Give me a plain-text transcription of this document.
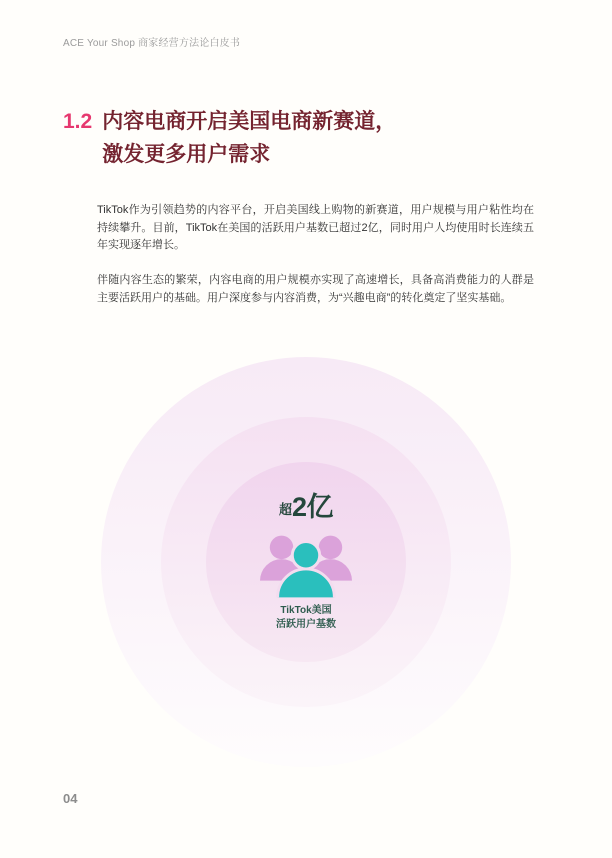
ACE Your Shop 商家经营方法论白皮书
1.2 内容电商开启美国电商新赛道，
激发更多用户需求
TikTok作为引领趋势的内容平台，开启美国线上购物的新赛道，用户规模与用户粘性均在持续攀升。目前，TikTok在美国的活跃用户基数已超过2亿，同时用户人均使用时长连续五年实现逐年增长。
伴随内容生态的繁荣，内容电商的用户规模亦实现了高速增长，具备高消费能力的人群是主要活跃用户的基础。用户深度参与内容消费，为“兴趣电商”的转化奠定了坚实基础。
超 2亿
TikTok美国
活跃用户基数
04
